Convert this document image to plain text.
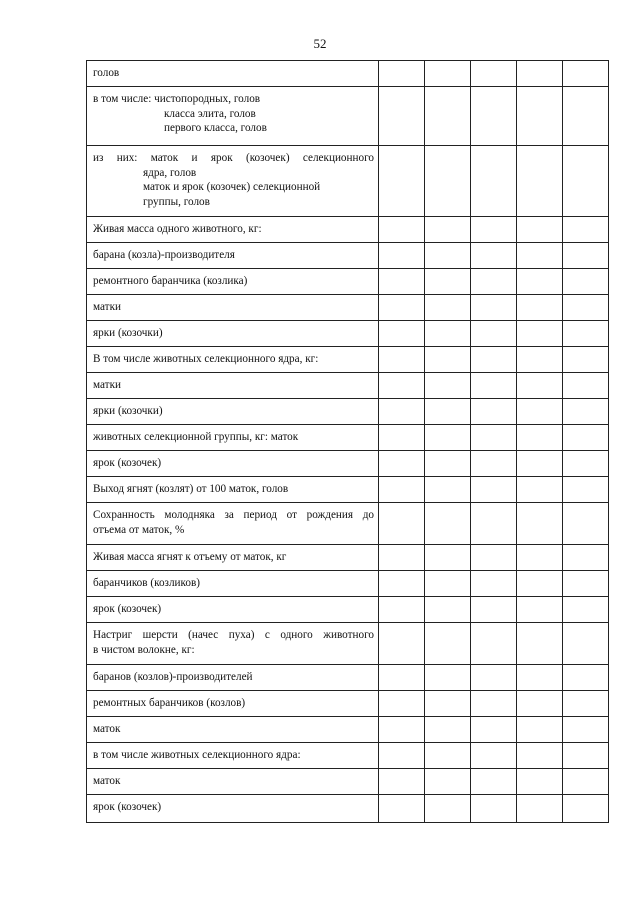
52
голов					

в том числе: чистопородных, голов
класса элита, голов
первого класса, голов					

из них: маток и ярок (козочек) селекционного
ядра, голов
маток и ярок (козочек) селекционной
группы, голов					

Живая масса одного животного, кг:					

барана (козла)-производителя					

ремонтного баранчика (козлика)					

матки					

ярки (козочки)					

В том числе животных селекционного ядра, кг:					

матки					

ярки (козочки)					

животных селекционной группы, кг: маток					

ярок (козочек)					

Выход ягнят (козлят) от 100 маток, голов					

Сохранность молодняка за период от рождения до
отъема от маток, %					

Живая масса ягнят к отъему от маток, кг					

баранчиков (козликов)					

ярок (козочек)					

Настриг шерсти (начес пуха) с одного животного
в чистом волокне, кг:					

баранов (козлов)-производителей					

ремонтных баранчиков (козлов)					

маток					

в том числе животных селекционного ядра:					

маток					

ярок (козочек)					
